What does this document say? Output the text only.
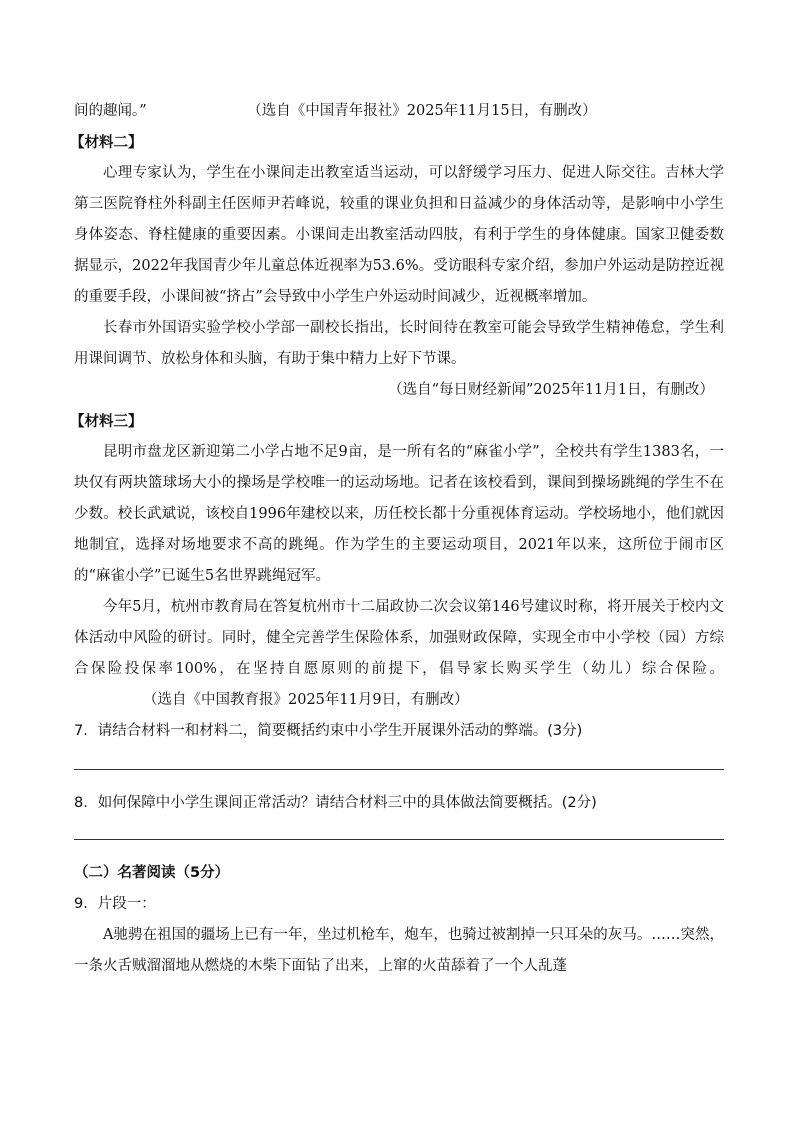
间的趣闻。”	（选自《中国青年报社》2025年11月15日，有删改）

【材料二】

心理专家认为，学生在小课间走出教室适当运动，可以舒缓学习压力、促进人际交往。吉林大学第三医院脊柱外科副主任医师尹若峰说，较重的课业负担和日益减少的身体活动等，是影响中小学生身体姿态、脊柱健康的重要因素。小课间走出教室活动四肢，有利于学生的身体健康。国家卫健委数据显示，2022年我国青少年儿童总体近视率为53.6%。受访眼科专家介绍，参加户外运动是防控近视的重要手段，小课间被“挤占”会导致中小学生户外运动时间减少，近视概率增加。

长春市外国语实验学校小学部一副校长指出，长时间待在教室可能会导致学生精神倦怠，学生利用课间调节、放松身体和头脑，有助于集中精力上好下节课。

（选自“每日财经新闻”2025年11月1日，有删改）

【材料三】

昆明市盘龙区新迎第二小学占地不足9亩，是一所有名的“麻雀小学”，全校共有学生1383名，一块仅有两块篮球场大小的操场是学校唯一的运动场地。记者在该校看到，课间到操场跳绳的学生不在少数。校长武斌说，该校自1996年建校以来，历任校长都十分重视体育运动。学校场地小，他们就因地制宜，选择对场地要求不高的跳绳。作为学生的主要运动项目，2021年以来，这所位于闹市区的“麻雀小学”已诞生5名世界跳绳冠军。

今年5月，杭州市教育局在答复杭州市十二届政协二次会议第146号建议时称，将开展关于校内文体活动中风险的研讨。同时，健全完善学生保险体系，加强财政保障，实现全市中小学校（园）方综合保险投保率100%，在坚持自愿原则的前提下，倡导家长购买学生（幼儿）综合保险。（选自《中国教育报》2025年11月9日，有删改）

7．请结合材料一和材料二，简要概括约束中小学生开展课外活动的弊端。(3分)

8．如何保障中小学生课间正常活动？请结合材料三中的具体做法简要概括。(2分)

（二）名著阅读（5分）

9．片段一：

A驰骋在祖国的疆场上已有一年，坐过机枪车，炮车，也骑过被割掉一只耳朵的灰马。……突然，一条火舌贼溜溜地从燃烧的木柴下面钻了出来，上窜的火苗舔着了一个人乱蓬
